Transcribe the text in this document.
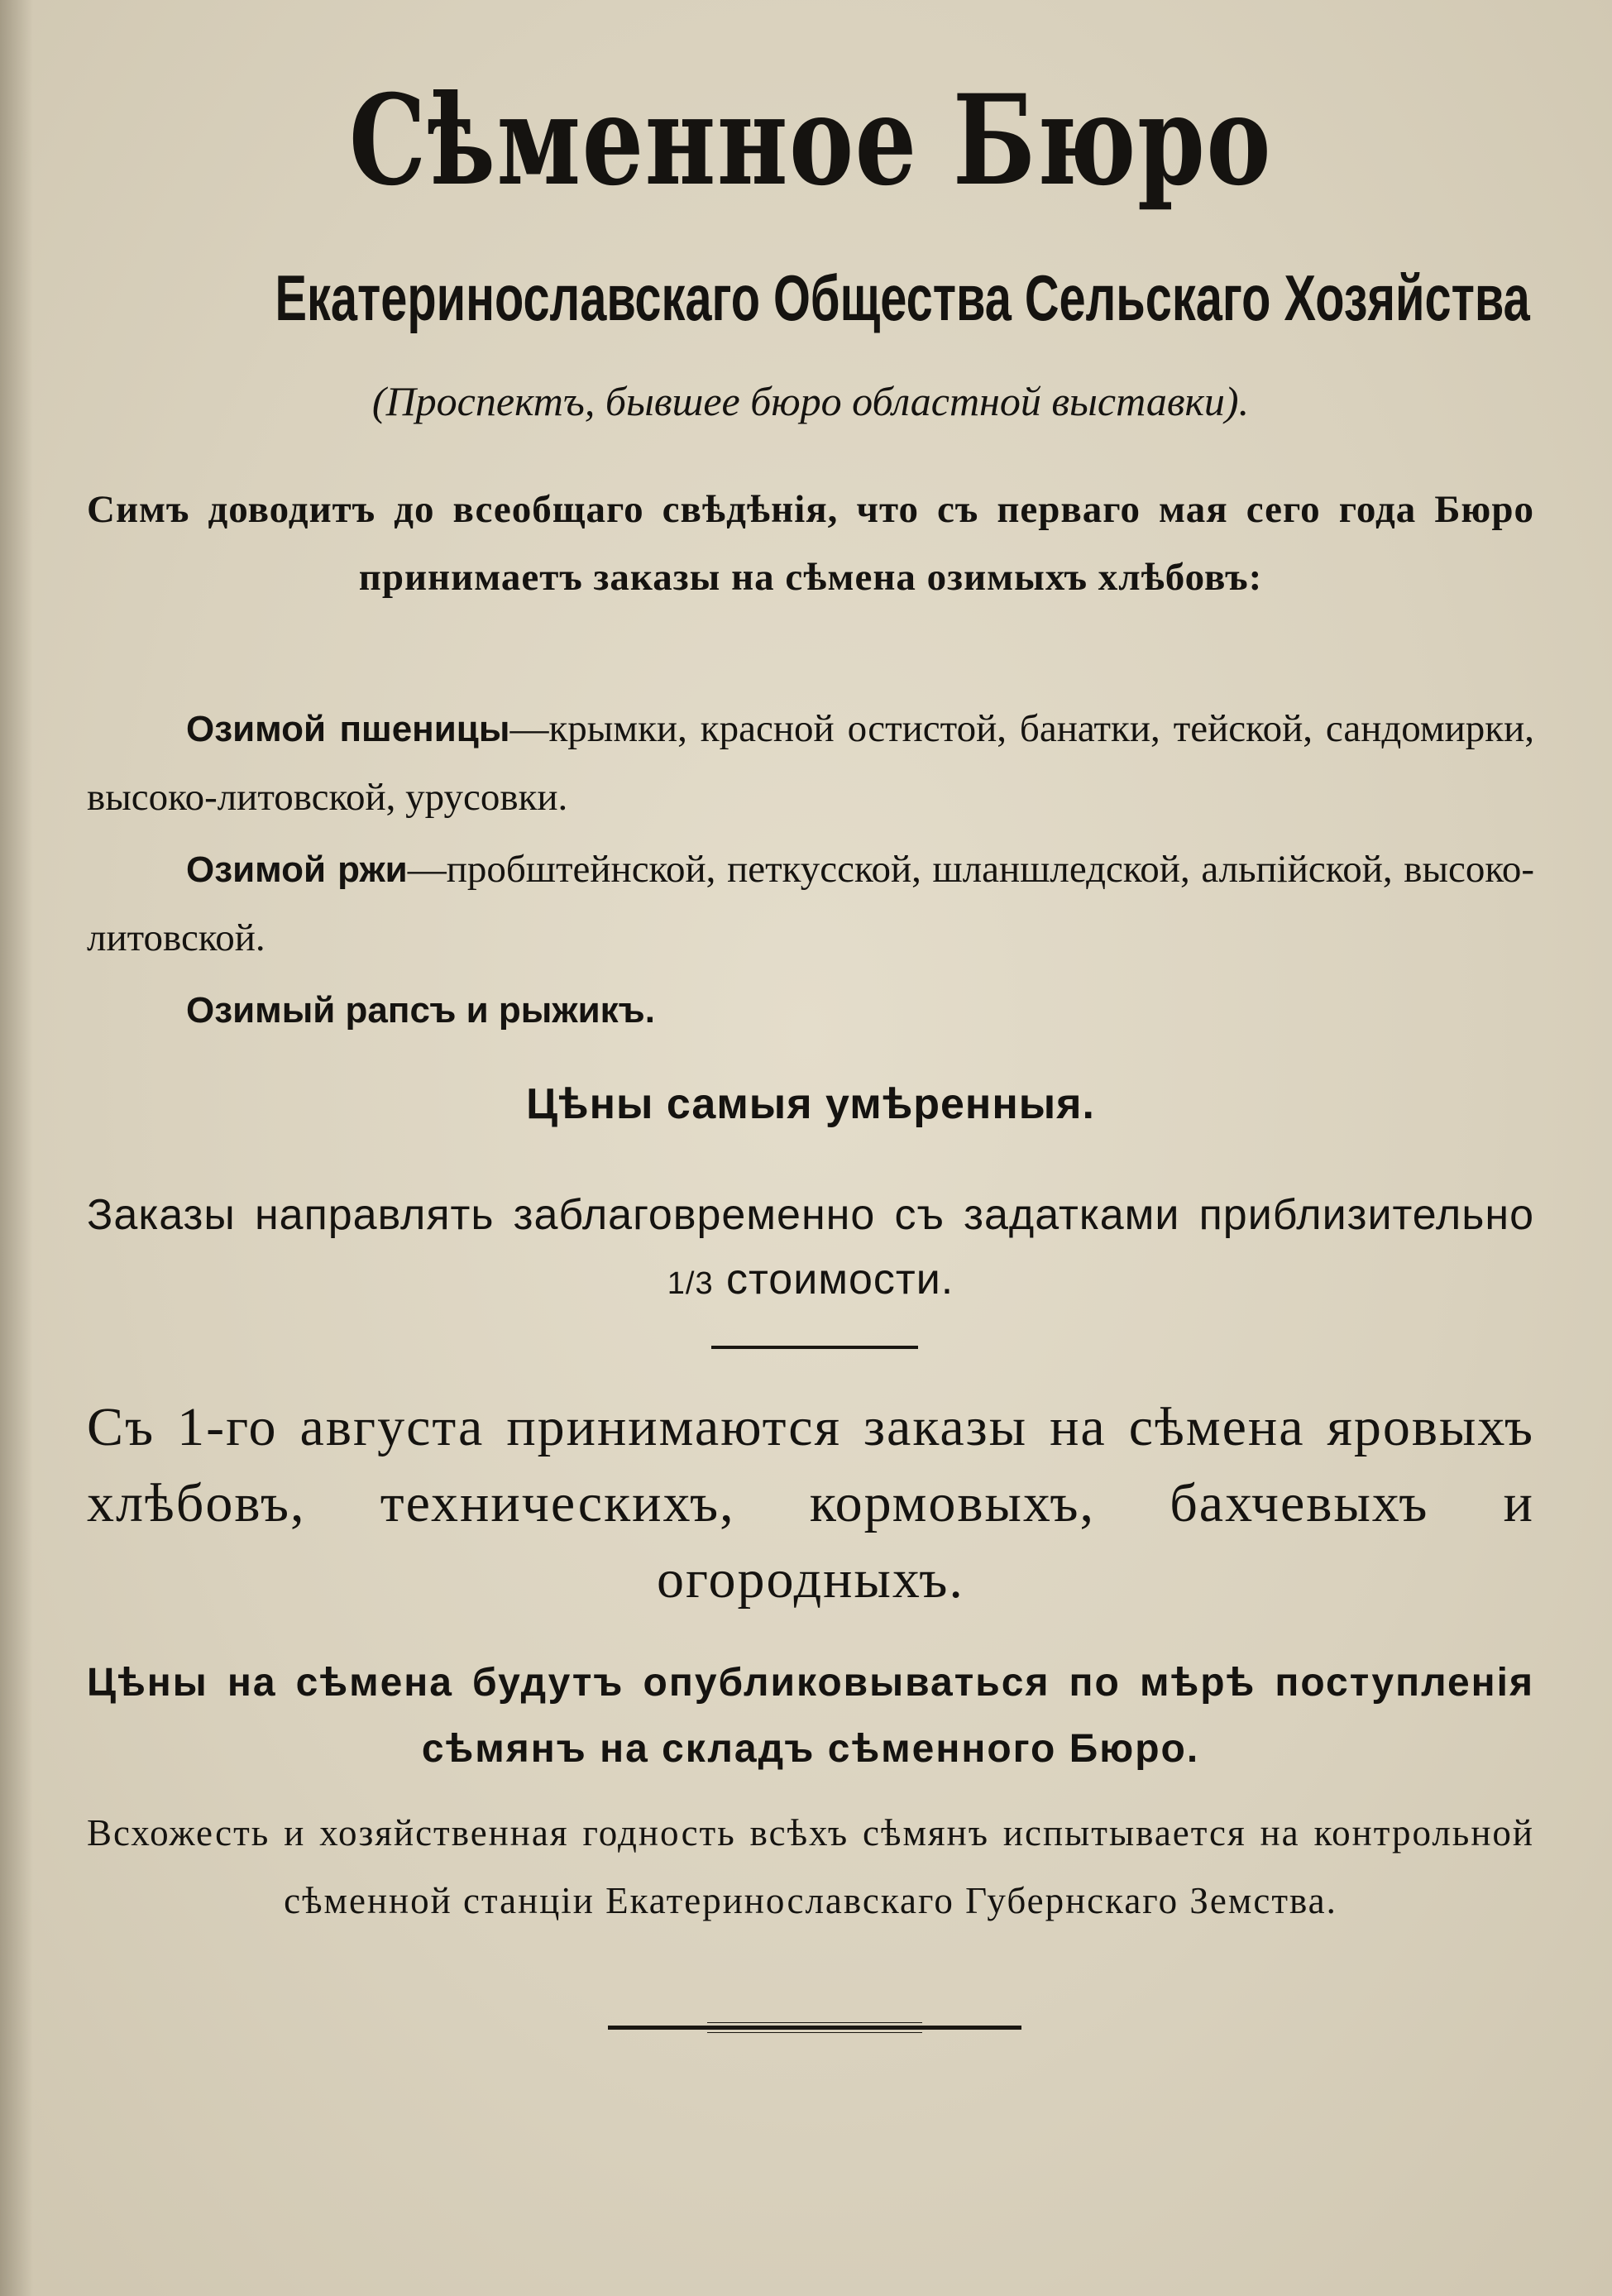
Сѣменное Бюро
Екатеринославскаго Общества Сельскаго Хозяйства
(Проспектъ, бывшее бюро областной выставки).
Симъ доводитъ до всеобщаго свѣдѣнія, что съ перваго мая сего года Бюро принимаетъ заказы на сѣмена озимыхъ хлѣбовъ:
Озимой пшеницы—крымки, красной остистой, банатки, тейской, сандомирки, высоко-литовской, урусовки.
Озимой ржи—пробштейнской, петкусской, шланшледской, альпійской, высоко-литовской.
Озимый рапсъ и рыжикъ.
Цѣны самыя умѣренныя.
Заказы направлять заблаговременно съ задатками приблизительно 1/3 стоимости.
Съ 1-го августа принимаются заказы на сѣмена яровыхъ хлѣбовъ, техническихъ, кормовыхъ, бахчевыхъ и огородныхъ.
Цѣны на сѣмена будутъ опубликовываться по мѣрѣ поступленія сѣмянъ на складъ сѣменного Бюро.
Всхожесть и хозяйственная годность всѣхъ сѣмянъ испытывается на контрольной сѣменной станціи Екатеринославскаго Губернскаго Земства.
